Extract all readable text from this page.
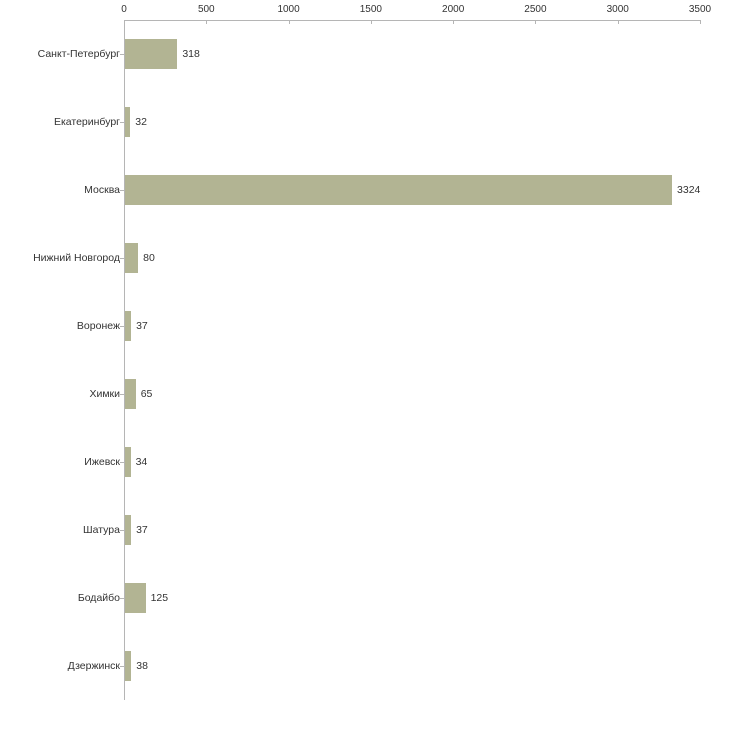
0	500	1000	1500	2000	2500	3000	3500
Санкт-Петербург	318
Екатеринбург 32
Москва	3324
Нижний Новгород 80
Воронеж 37
Химки 65
Ижевск 34
Шатура 37
Бодайбо	125
Дзержинск 38
